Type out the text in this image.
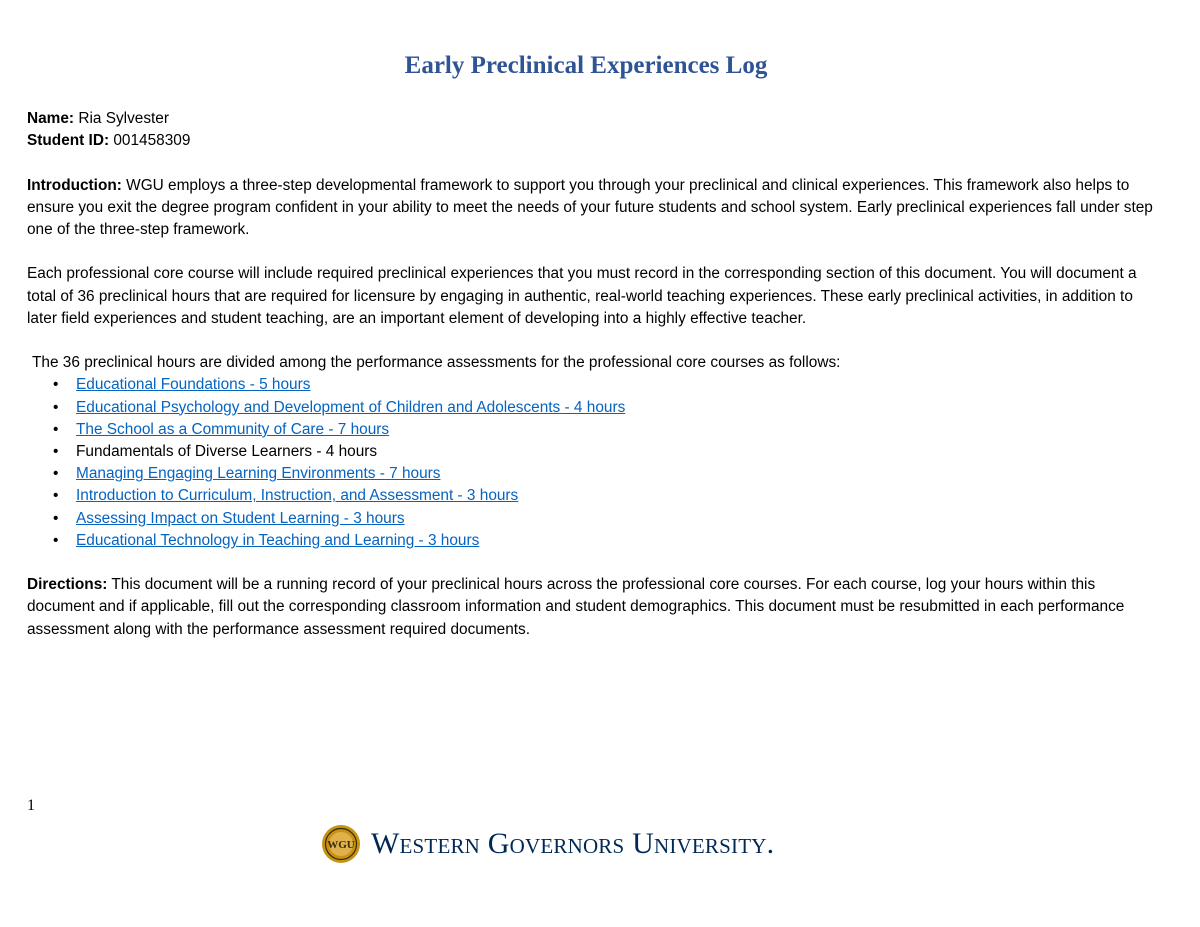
Early Preclinical Experiences Log

Name: Ria Sylvester

Student ID: 001458309

Introduction: WGU employs a three-step developmental framework to support you through your preclinical and clinical experiences. This framework also helps to ensure you exit the degree program confident in your ability to meet the needs of your future students and school system. Early preclinical experiences fall under step one of the three-step framework.

Each professional core course will include required preclinical experiences that you must record in the corresponding section of this document. You will document a total of 36 preclinical hours that are required for licensure by engaging in authentic, real-world teaching experiences. These early preclinical activities, in addition to later field experiences and student teaching, are an important element of developing into a highly effective teacher.

The 36 preclinical hours are divided among the performance assessments for the professional core courses as follows:

• Educational Foundations - 5 hours
• Educational Psychology and Development of Children and Adolescents - 4 hours
• The School as a Community of Care - 7 hours
• Fundamentals of Diverse Learners - 4 hours
• Managing Engaging Learning Environments - 7 hours
• Introduction to Curriculum, Instruction, and Assessment - 3 hours
• Assessing Impact on Student Learning - 3 hours
• Educational Technology in Teaching and Learning - 3 hours

Directions: This document will be a running record of your preclinical hours across the professional core courses. For each course, log your hours within this document and if applicable, fill out the corresponding classroom information and student demographics. This document must be resubmitted in each performance assessment along with the performance assessment required documents.

1
WGU Western Governors University.
